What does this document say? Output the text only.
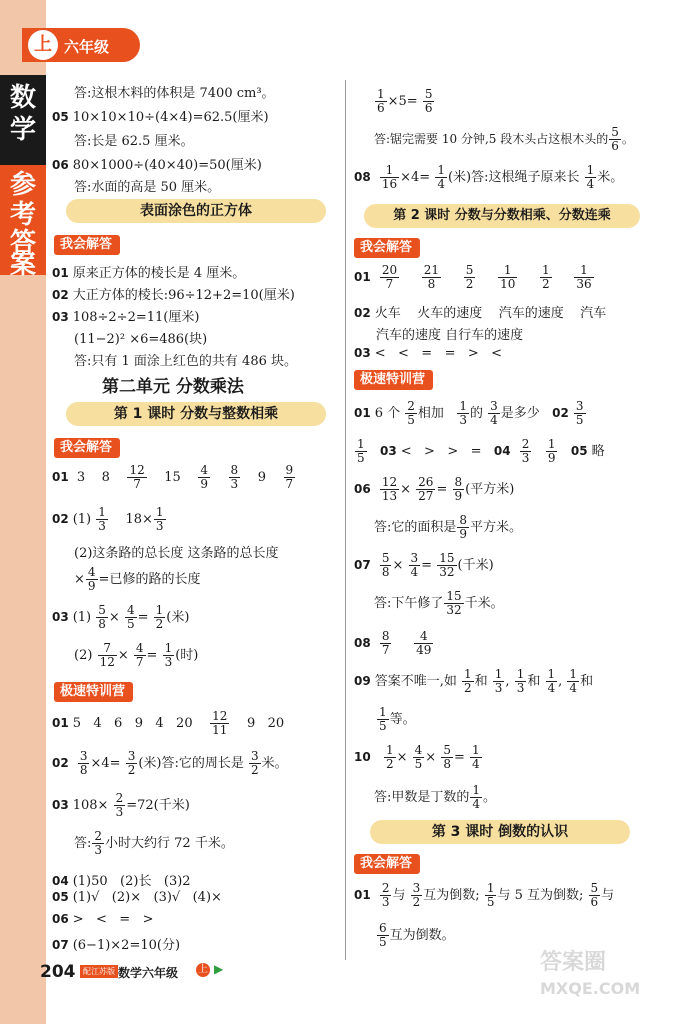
数
学
参
考
答
案
上 六年级
答:这根木料的体积是 7400 cm³。
05 10×10×10÷(4×4)=62.5(厘米)
答:长是 62.5 厘米。
06 80×1000÷(40×40)=50(厘米)
答:水面的高是 50 厘米。
表面涂色的正方体
我会解答
01 原来正方体的棱长是 4 厘米。
02 大正方体的棱长:96÷12+2=10(厘米)
03 108÷2÷2=11(厘米)
(11−2)² ×6=486(块)
答:只有 1 面涂上红色的共有 486 块。
第二单元 分数乘法
第 1 课时 分数与整数相乘
我会解答
01 3 $8 \frac{12}{7} 15 \frac{4}{9}$
$\frac{8}{3} 9 \frac{9}{7}$
02 $(1) \frac{1}{3} 18\times \frac{1}{3}$
(2)这条路的总长度 这条路的总长度
× $\frac{4}{9}$ =已修的路的长度
03 $(1) \frac{5}{8} \times \frac{4}{5} = \frac{1}{2}$ (米)
$(2) \frac{7}{12} \times \frac{4}{7} = \frac{1}{3}$ (时)
极速特训营
01 5   4   6   9   4   $20 \frac{12}{11} 9$   20
$02 \frac{3}{8} \times 4= \frac{3}{2}$ (米)答:它的周长是 $\frac{3}{2}$ 米。
03 $108\times \frac{2}{3} =72$(千米)
答: $\frac{2}{3}$ 小时大约行 72 千米。
04 (1)50   (2)长   (3)2
05 (1)√   (2)×   (3)√   (4)×
06 >   <   =   >
07 (6−1)×2=10(分)
$\frac{1}{6} \times 5= \frac{5}{6}$
答:锯完需要 10 分钟,5 段木头占这根木头的 $\frac{5}{6}$ 。
$08 \frac{1}{16} \times 4= \frac{1}{4}$ (米)答:这根绳子原来长 $\frac{1}{4}$ 米。
第 2 课时 分数与分数相乘、分数连乘
我会解答
$01 \frac{20}{7}$
$\frac{21}{8}$
$\frac{5}{2}$
$\frac{1}{10}$
$\frac{1}{2}$
$\frac{1}{36}$
02 火车    火车的速度    汽车的速度    汽车
汽车的速度 自行车的速度
03 <   <   =   =   >   <
极速特训营
01 6 个 $\frac{2}{5}$ 相加 $\frac{1}{3}$ 的 $\frac{3}{4}$ 是多少 $02 \frac{3}{5}$
$\frac{1}{5} 03$ <   >   >   = $04 \frac{2}{3}$
$\frac{1}{9} 05$ 略
$06 \frac{12}{13} \times \frac{26}{27} = \frac{8}{9}$ (平方米)
答:它的面积是 $\frac{8}{9}$ 平方米。
$07 \frac{5}{8} \times \frac{3}{4} = \frac{15}{32}$ (千米)
答:下午修了 $\frac{15}{32}$ 千米。
$08 \frac{8}{7}$
$\frac{4}{49}$
09 答案不唯一,如 $\frac{1}{2}$ 和 $\frac{1}{3}$ , $\frac{1}{3}$ 和 $\frac{1}{4}$ , $\frac{1}{4}$ 和
$\frac{1}{5}$ 等。
$10 \frac{1}{2} \times \frac{4}{5} \times \frac{5}{8} = \frac{1}{4}$
答:甲数是丁数的 $\frac{1}{4}$ 。
第 3 课时 倒数的认识
我会解答
$01 \frac{2}{3}$ 与 $\frac{3}{2}$ 互为倒数; $\frac{1}{5}$ 与 5 互为倒数; $\frac{5}{6}$ 与
$\frac{6}{5}$ 互为倒数。
204 配江苏版 数学六年级 上 ▶	答案圈
MXQE.COM
